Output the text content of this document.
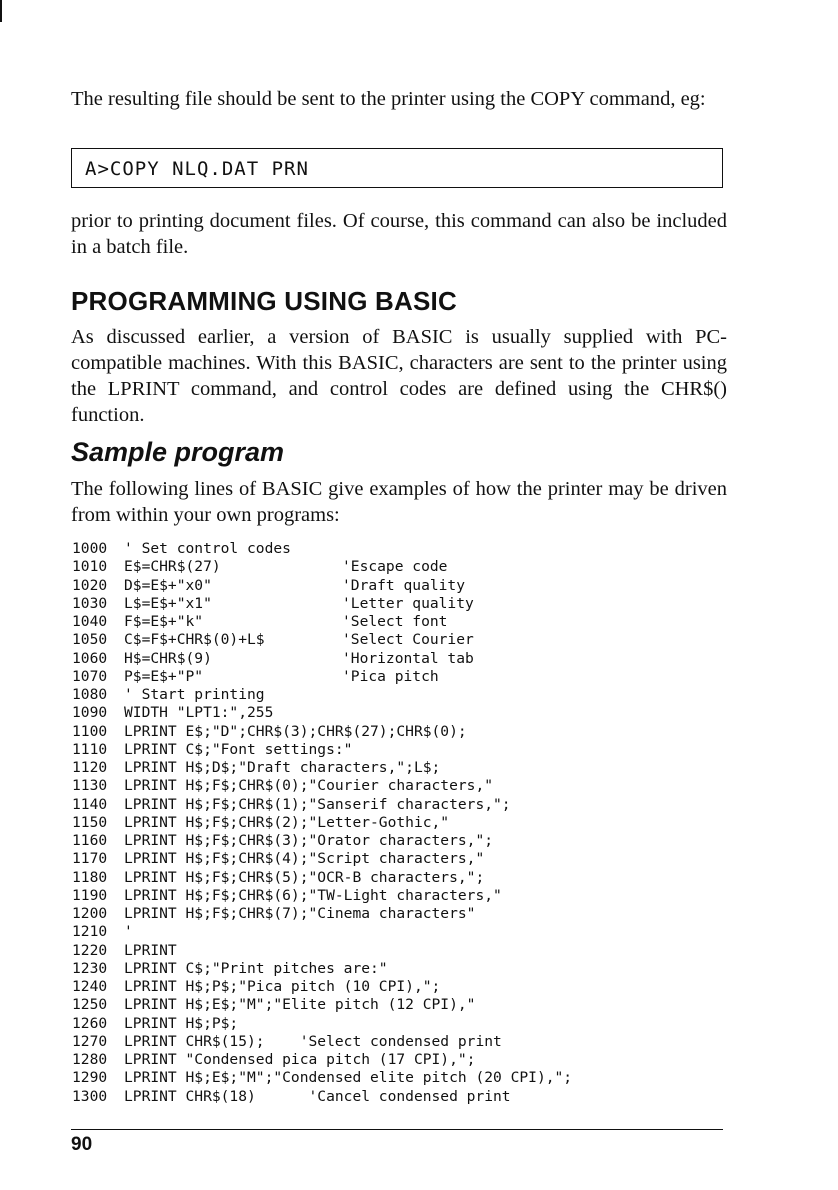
The resulting file should be sent to the printer using the COPY command, eg:

A>COPY NLQ.DAT PRN

prior to printing document files. Of course, this command can also be included in a batch file.

PROGRAMMING USING BASIC

As discussed earlier, a version of BASIC is usually supplied with PC-compatible machines. With this BASIC, characters are sent to the printer using the LPRINT command, and control codes are defined using the CHR$() function.

Sample program

The following lines of BASIC give examples of how the printer may be driven from within your own programs:

1000 ' Set control codes
1010 E$=CHR$(27)	'Escape code
1020 D$=E$+"x0"	'Draft quality
1030 L$=E$+"x1"	'Letter quality
1040 F$=E$+"k"	'Select font
1050 C$=F$+CHR$(0)+L$	'Select Courier
1060 H$=CHR$(9)	'Horizontal tab
1070 P$=E$+"P"	'Pica pitch
1080 ' Start printing
1090 WIDTH "LPT1:",255
1100 LPRINT E$;"D";CHR$(3);CHR$(27);CHR$(0);
1110 LPRINT C$;"Font settings:"
1120 LPRINT H$;D$;"Draft characters,";L$;
1130 LPRINT H$;F$;CHR$(0);"Courier characters,"
1140 LPRINT H$;F$;CHR$(1);"Sanserif characters,";
1150 LPRINT H$;F$;CHR$(2);"Letter-Gothic,"
1160 LPRINT H$;F$;CHR$(3);"Orator characters,";
1170 LPRINT H$;F$;CHR$(4);"Script characters,"
1180 LPRINT H$;F$;CHR$(5);"OCR-B characters,";
1190 LPRINT H$;F$;CHR$(6);"TW-Light characters,"
1200 LPRINT H$;F$;CHR$(7);"Cinema characters"
1210 '
1220 LPRINT
1230 LPRINT C$;"Print pitches are:"
1240 LPRINT H$;P$;"Pica pitch (10 CPI),";
1250 LPRINT H$;E$;"M";"Elite pitch (12 CPI),"
1260 LPRINT H$;P$;
1270 LPRINT CHR$(15);    'Select condensed print
1280 LPRINT "Condensed pica pitch (17 CPI),";
1290 LPRINT H$;E$;"M";"Condensed elite pitch (20 CPI),";
1300 LPRINT CHR$(18)      'Cancel condensed print

90
